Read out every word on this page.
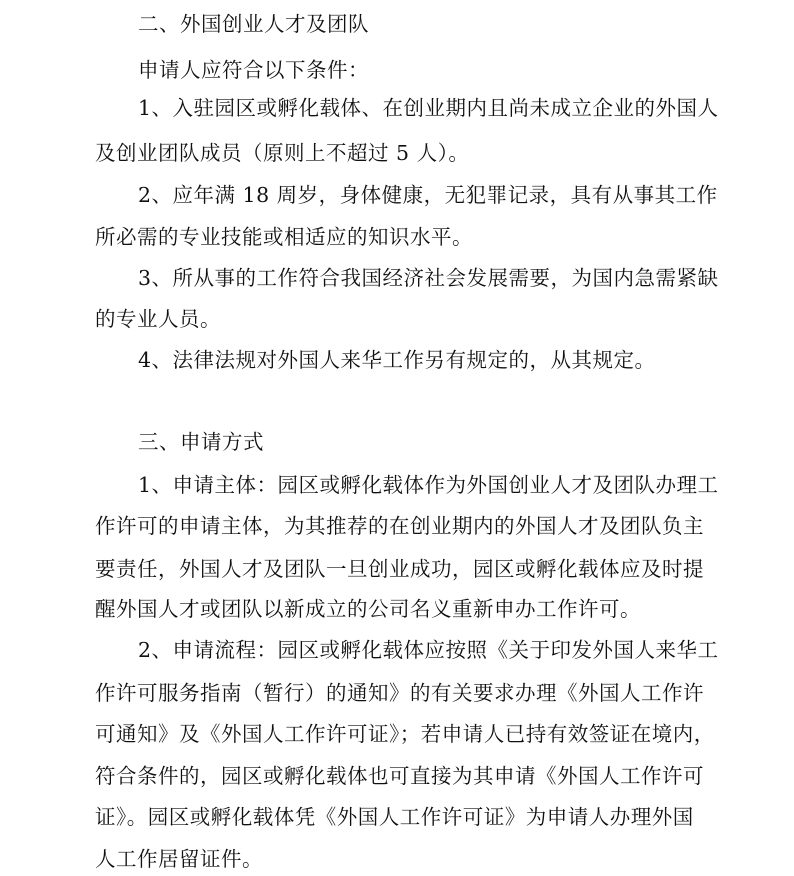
二、外国创业人才及团队
申请人应符合以下条件：
1、入驻园区或孵化载体、在创业期内且尚未成立企业的外国人
及创业团队成员（原则上不超过 5 人）。
2、应年满 18 周岁，身体健康，无犯罪记录，具有从事其工作
所必需的专业技能或相适应的知识水平。
3、所从事的工作符合我国经济社会发展需要，为国内急需紧缺
的专业人员。
4、法律法规对外国人来华工作另有规定的，从其规定。
三、申请方式
1、申请主体：园区或孵化载体作为外国创业人才及团队办理工
作许可的申请主体，为其推荐的在创业期内的外国人才及团队负主
要责任，外国人才及团队一旦创业成功，园区或孵化载体应及时提
醒外国人才或团队以新成立的公司名义重新申办工作许可。
2、申请流程：园区或孵化载体应按照《关于印发外国人来华工
作许可服务指南（暂行）的通知》的有关要求办理《外国人工作许
可通知》及《外国人工作许可证》；若申请人已持有效签证在境内，
符合条件的，园区或孵化载体也可直接为其申请《外国人工作许可
证》。园区或孵化载体凭《外国人工作许可证》为申请人办理外国
人工作居留证件。
